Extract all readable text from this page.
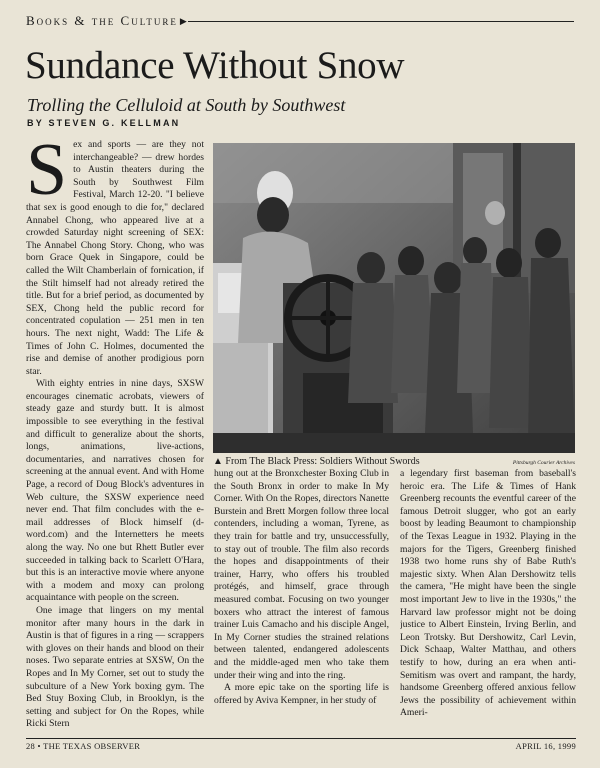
Books & the Culture ▶
Sundance Without Snow
Trolling the Celluloid at South by Southwest
BY STEVEN G. KELLMAN

Sex and sports — are they not interchangeable? — drew hordes to Austin theaters during the South by Southwest Film Festival, March 12-20. "I believe that sex is good enough to die for," declared Annabel Chong, who appeared live at a crowded Saturday night screening of SEX: The Annabel Chong Story. Chong, who was born Grace Quek in Singapore, could be called the Wilt Chamberlain of fornication, if the Stilt himself had not already retired the title. But for a brief period, as documented by SEX, Chong held the public record for concentrated copulation — 251 men in ten hours. The next night, Wadd: The Life & Times of John C. Holmes, documented the rise and demise of another prodigious porn star.

With eighty entries in nine days, SXSW encourages cinematic acrobats, viewers of steady gaze and sturdy butt. It is almost impossible to see everything in the festival and difficult to generalize about the shorts, longs, animations, live-actions, documentaries, and narratives chosen for screening at the annual event. And with Home Page, a record of Doug Block's adventures in Web culture, the SXSW experience need never end. That film concludes with the e-mail addresses of Block himself (d-word.com) and the Internetters he meets along the way. No one but Rhett Butler ever succeeded in talking back to Scarlett O'Hara, but this is an interactive movie where anyone with a modem and moxy can prolong acquaintance with people on the screen.

One image that lingers on my mental monitor after many hours in the dark in Austin is that of figures in a ring — scrappers with gloves on their hands and blood on their noses. Two separate entries at SXSW, On the Ropes and In My Corner, set out to study the subculture of a New York boxing gym. The Bed Stuy Boxing Club, in Brooklyn, is the setting and subject for On the Ropes, while Ricki Stern

▲ From The Black Press: Soldiers Without Swords	Pittsburgh Courier Archives

hung out at the Bronxchester Boxing Club in the South Bronx in order to make In My Corner. With On the Ropes, directors Nanette Burstein and Brett Morgen follow three local contenders, including a woman, Tyrene, as they train for battle and try, unsuccessfully, to stay out of trouble. The film also records the hopes and disappointments of their trainer, Harry, who offers his troubled protégés, and himself, grace through measured combat. Focusing on two younger boxers who attract the interest of famous trainer Luis Camacho and his disciple Angel, In My Corner studies the strained relations between talented, endangered adolescents and the middle-aged men who take them under their wing and into the ring.

A more epic take on the sporting life is offered by Aviva Kempner, in her study of

a legendary first baseman from baseball's heroic era. The Life & Times of Hank Greenberg recounts the eventful career of the famous Detroit slugger, who got an early boost by leading Beaumont to championship of the Texas League in 1932. Playing in the majors for the Tigers, Greenberg finished 1938 two home runs shy of Babe Ruth's majestic sixty. When Alan Dershowitz tells the camera, "He might have been the single most important Jew to live in the 1930s," the Harvard law professor might not be doing justice to Albert Einstein, Irving Berlin, and Leon Trotsky. But Dershowitz, Carl Levin, Dick Schaap, Walter Matthau, and others testify to how, during an era when anti-Semitism was overt and rampant, the hardy, handsome Greenberg offered anxious fellow Jews the possibility of achievement within Ameri-

28 • THE TEXAS OBSERVER	APRIL 16, 1999
